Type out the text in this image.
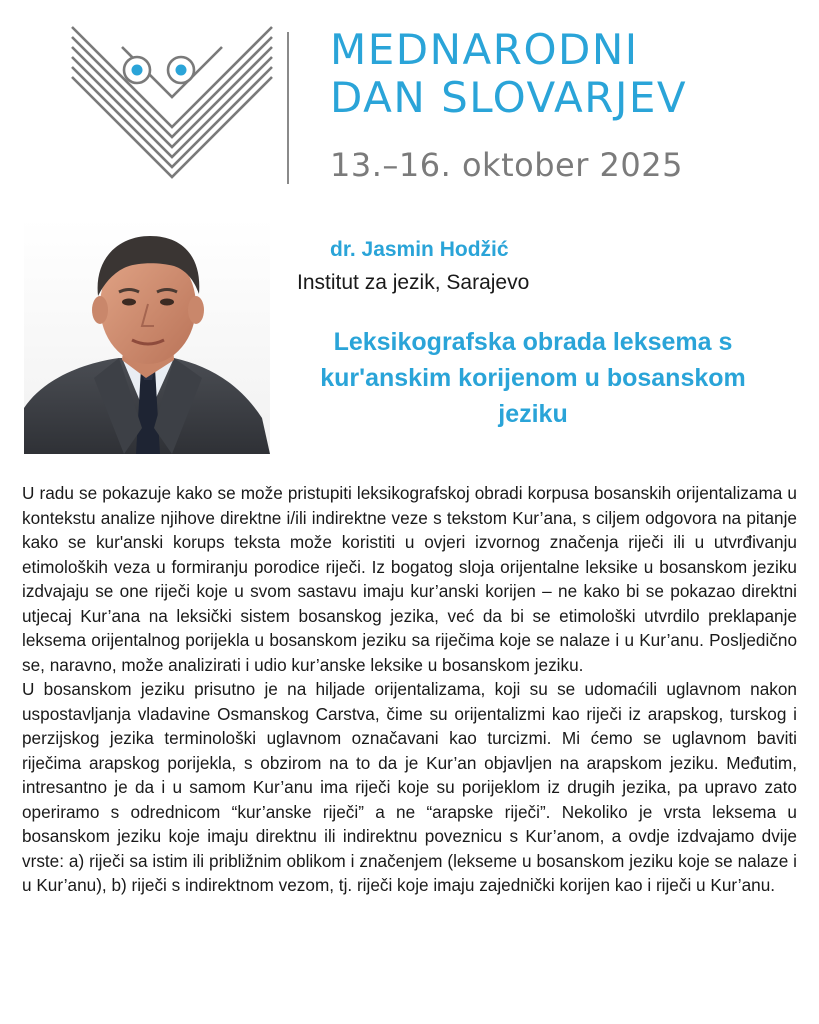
MEDNARODNI
DAN SLOVARJEV
13.–16. oktober 2025
dr. Jasmin Hodžić
Institut za jezik, Sarajevo
Leksikografska obrada leksema s kur'anskim korijenom u bosanskom jeziku

U radu se pokazuje kako se može pristupiti leksikografskoj obradi korpusa bosanskih orijentalizama u kontekstu analize njihove direktne i/ili indirektne veze s tekstom Kur’ana, s ciljem odgovora na pitanje kako se kur'anski korups teksta može koristiti u ovjeri izvornog značenja riječi ili u utvrđivanju etimoloških veza u formiranju porodice riječi. Iz bogatog sloja orijentalne leksike u bosanskom jeziku izdvajaju se one riječi koje u svom sastavu imaju kur’anski korijen – ne kako bi se pokazao direktni utjecaj Kur’ana na leksički sistem bosanskog jezika, već da bi se etimološki utvrdilo preklapanje leksema orijentalnog porijekla u bosanskom jeziku sa riječima koje se nalaze i u Kur’anu. Posljedično se, naravno, može analizirati i udio kur’anske leksike u bosanskom jeziku.

U bosanskom jeziku prisutno je na hiljade orijentalizama, koji su se udomaćili uglavnom nakon uspostavljanja vladavine Osmanskog Carstva, čime su orijentalizmi kao riječi iz arapskog, turskog i perzijskog jezika terminološki uglavnom označavani kao turcizmi. Mi ćemo se uglavnom baviti riječima arapskog porijekla, s obzirom na to da je Kur’an objavljen na arapskom jeziku. Međutim, intresantno je da i u samom Kur’anu ima riječi koje su porijeklom iz drugih jezika, pa upravo zato operiramo s odrednicom “kur’anske riječi” a ne “arapske riječi”. Nekoliko je vrsta leksema u bosanskom jeziku koje imaju direktnu ili indirektnu poveznicu s Kur’anom, a ovdje izdvajamo dvije vrste: a) riječi sa istim ili približnim oblikom i značenjem (lekseme u bosanskom jeziku koje se nalaze i u Kur’anu), b) riječi s indirektnom vezom, tj. riječi koje imaju zajednički korijen kao i riječi u Kur’anu.
